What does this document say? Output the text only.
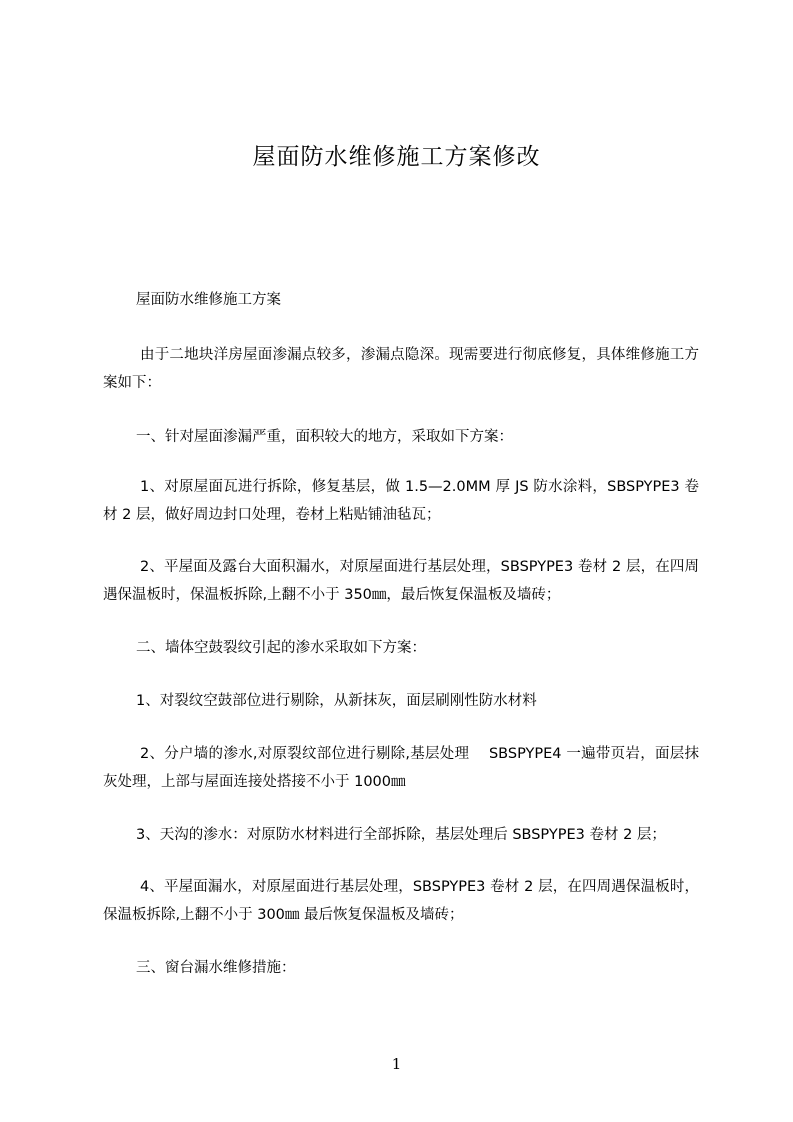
屋面防水维修施工方案修改
屋面防水维修施工方案
由于二地块洋房屋面渗漏点较多，渗漏点隐深。现需要进行彻底修复，具体维修施工方案如下：
一、针对屋面渗漏严重，面积较大的地方，采取如下方案：
1、对原屋面瓦进行拆除，修复基层，做 1.5—2.0MM 厚 JS 防水涂料，SBSPYPE3 卷材 2 层，做好周边封口处理，卷材上粘贴铺油毡瓦；
2、平屋面及露台大面积漏水，对原屋面进行基层处理，SBSPYPE3 卷材 2 层，在四周遇保温板时，保温板拆除,上翻不小于 350㎜，最后恢复保温板及墙砖；
二、墙体空鼓裂纹引起的渗水采取如下方案：
1、对裂纹空鼓部位进行剔除，从新抹灰，面层刷刚性防水材料
2、分户墙的渗水,对原裂纹部位进行剔除,基层处理　 SBSPYPE4 一遍带页岩，面层抹灰处理，上部与屋面连接处搭接不小于 1000㎜
3、天沟的渗水：对原防水材料进行全部拆除，基层处理后 SBSPYPE3 卷材 2 层；
4、平屋面漏水，对原屋面进行基层处理，SBSPYPE3 卷材 2 层，在四周遇保温板时，保温板拆除,上翻不小于 300㎜ 最后恢复保温板及墙砖；
三、窗台漏水维修措施：
1
